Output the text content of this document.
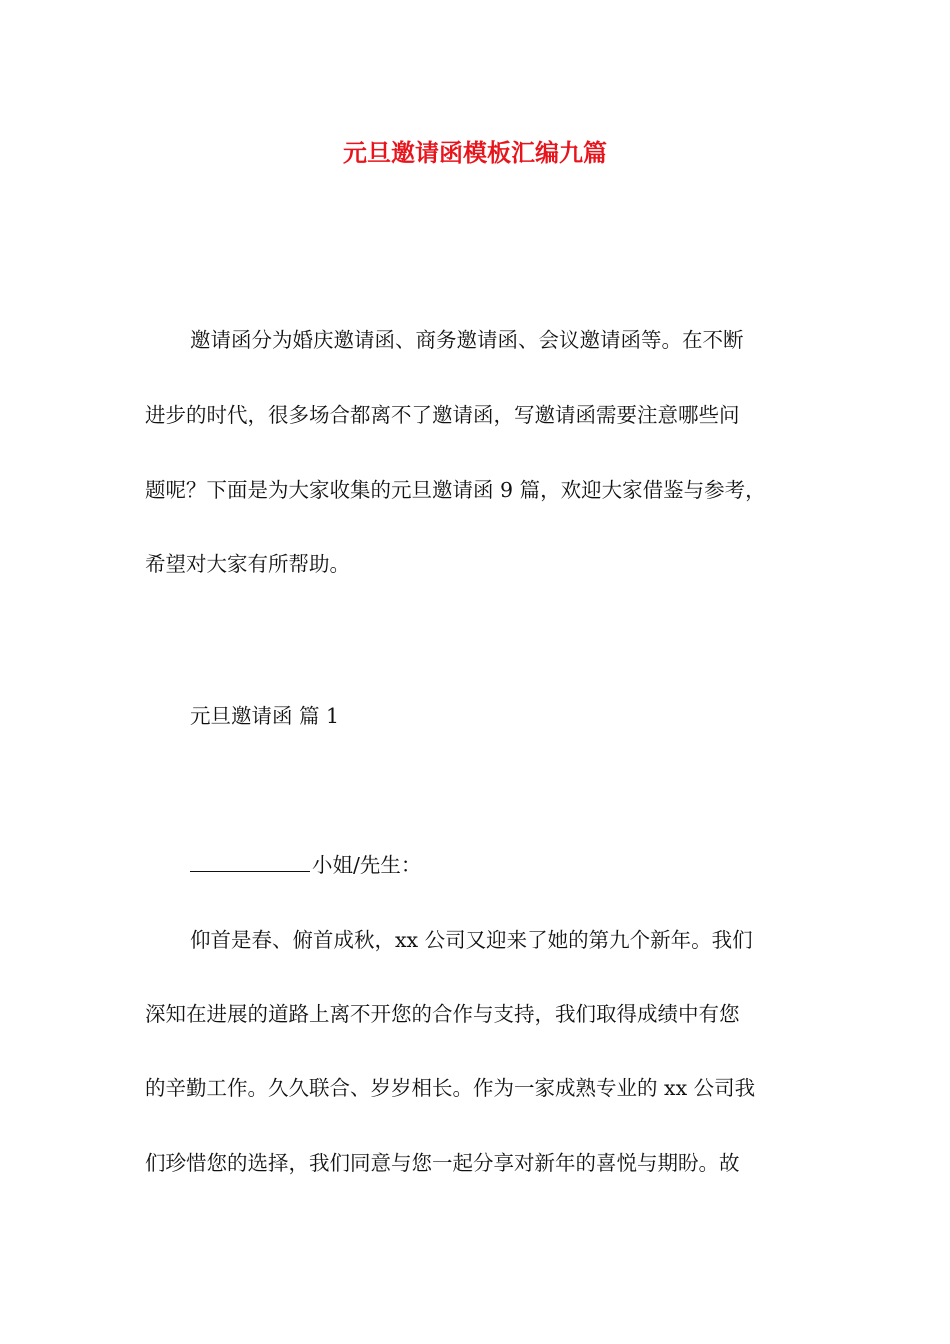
元旦邀请函模板汇编九篇

邀请函分为婚庆邀请函、商务邀请函、会议邀请函等。在不断

进步的时代，很多场合都离不了邀请函，写邀请函需要注意哪些问

题呢？下面是为大家收集的元旦邀请函 9 篇，欢迎大家借鉴与参考，

希望对大家有所帮助。

元旦邀请函 篇 1

小姐/先生：

仰首是春、俯首成秋，xx 公司又迎来了她的第九个新年。我们

深知在进展的道路上离不开您的合作与支持，我们取得成绩中有您

的辛勤工作。久久联合、岁岁相长。作为一家成熟专业的 xx 公司我

们珍惜您的选择，我们同意与您一起分享对新年的喜悦与期盼。故
